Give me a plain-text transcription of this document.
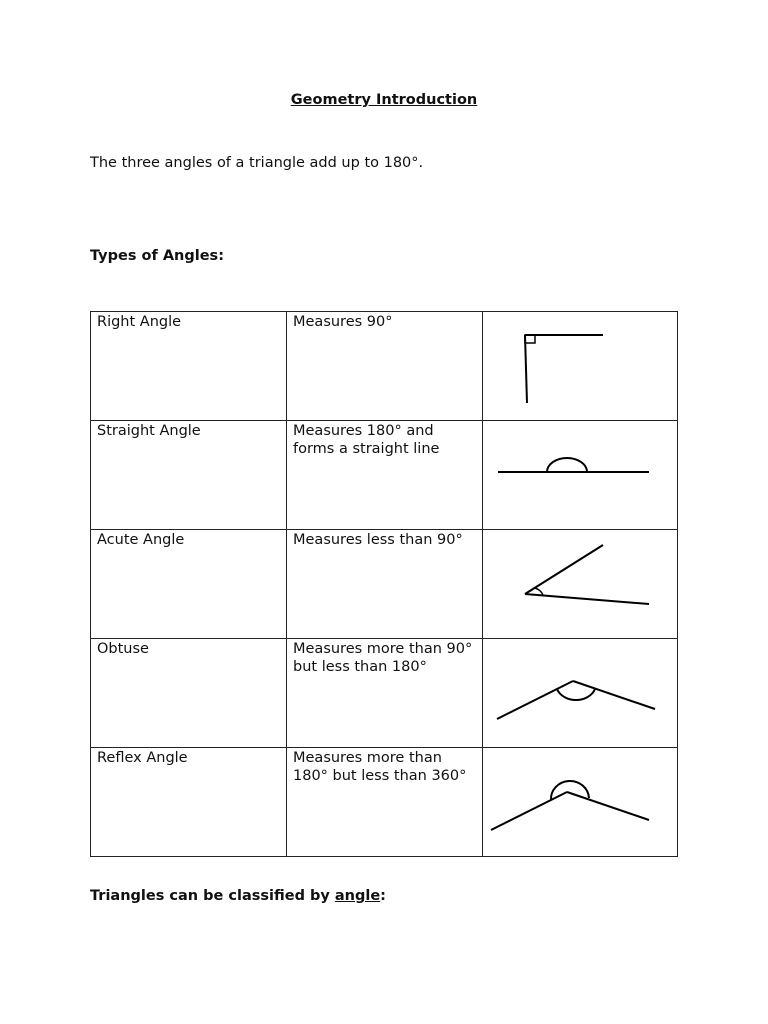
Geometry Introduction
The three angles of a triangle add up to 180°.
Types of Angles:
Right Angle	Measures 90°	

Straight Angle	Measures 180° and forms a straight line	

Acute Angle	Measures less than 90°	

Obtuse	Measures more than 90° but less than 180°	

Reflex Angle	Measures more than 180° but less than 360°	
Triangles can be classified by angle:
